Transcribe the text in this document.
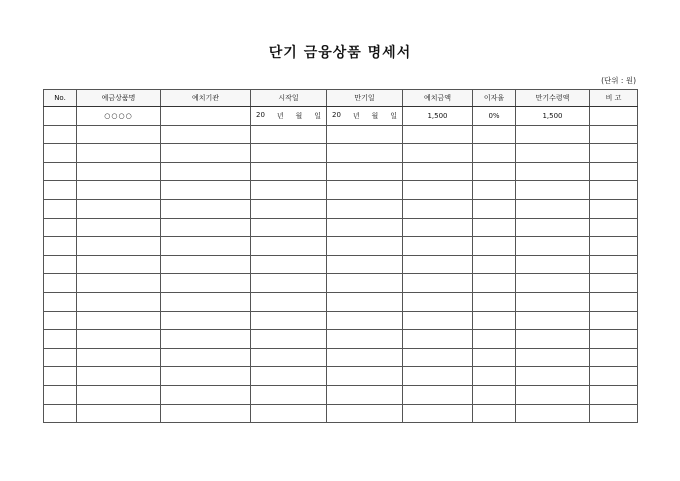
단기 금융상품 명세서
(단위 : 원)
No.	예금상품명	예치기관	시작일	만기일	예치금액	이자율	만기수령액	비 고
	○○○○		20 년 월 일	20 년 월 일	1,500	0%	1,500	
